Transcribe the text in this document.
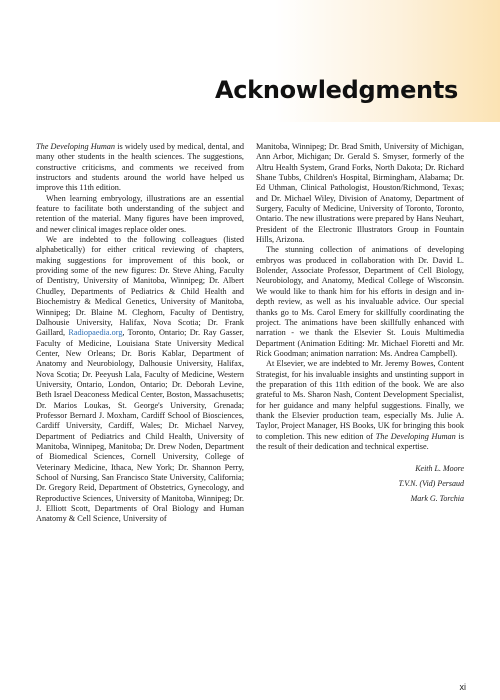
Acknowledgments

The Developing Human is widely used by medical, dental, and many other students in the health sciences. The suggestions, constructive criticisms, and comments we received from instructors and students around the world have helped us improve this 11th edition.

When learning embryology, illustrations are an essential feature to facilitate both understanding of the subject and retention of the material. Many figures have been improved, and newer clinical images replace older ones.

We are indebted to the following colleagues (listed alphabetically) for either critical reviewing of chapters, making suggestions for improvement of this book, or providing some of the new figures: Dr. Steve Ahing, Faculty of Dentistry, University of Manitoba, Winnipeg; Dr. Albert Chudley, Departments of Pediatrics & Child Health and Biochemistry & Medical Genetics, University of Manitoba, Winnipeg; Dr. Blaine M. Cleghorn, Faculty of Dentistry, Dalhousie University, Halifax, Nova Scotia; Dr. Frank Gaillard, Radiopaedia.org, Toronto, Ontario; Dr. Ray Gasser, Faculty of Medicine, Louisiana State University Medical Center, New Orleans; Dr. Boris Kablar, Department of Anatomy and Neurobiology, Dalhousie University, Halifax, Nova Scotia; Dr. Peeyush Lala, Faculty of Medicine, Western University, Ontario, London, Ontario; Dr. Deborah Levine, Beth Israel Deaconess Medical Center, Boston, Massachusetts; Dr. Marios Loukas, St. George's University, Grenada; Professor Bernard J. Moxham, Cardiff School of Biosciences, Cardiff University, Cardiff, Wales; Dr. Michael Narvey, Department of Pediatrics and Child Health, University of Manitoba, Winnipeg, Manitoba; Dr. Drew Noden, Department of Biomedical Sciences, Cornell University, College of Veterinary Medicine, Ithaca, New York; Dr. Shannon Perry, School of Nursing, San Francisco State University, California; Dr. Gregory Reid, Department of Obstetrics, Gynecology, and Reproductive Sciences, University of Manitoba, Winnipeg; Dr. J. Elliott Scott, Departments of Oral Biology and Human Anatomy & Cell Science, University of

Manitoba, Winnipeg; Dr. Brad Smith, University of Michigan, Ann Arbor, Michigan; Dr. Gerald S. Smyser, formerly of the Altru Health System, Grand Forks, North Dakota; Dr. Richard Shane Tubbs, Children's Hospital, Birmingham, Alabama; Dr. Ed Uthman, Clinical Pathologist, Houston/Richmond, Texas; and Dr. Michael Wiley, Division of Anatomy, Department of Surgery, Faculty of Medicine, University of Toronto, Toronto, Ontario. The new illustrations were prepared by Hans Neuhart, President of the Electronic Illustrators Group in Fountain Hills, Arizona.

The stunning collection of animations of developing embryos was produced in collaboration with Dr. David L. Bolender, Associate Professor, Department of Cell Biology, Neurobiology, and Anatomy, Medical College of Wisconsin. We would like to thank him for his efforts in design and in-depth review, as well as his invaluable advice. Our special thanks go to Ms. Carol Emery for skillfully coordinating the project. The animations have been skillfully enhanced with narration - we thank the Elsevier St. Louis Multimedia Department (Animation Editing: Mr. Michael Fioretti and Mr. Rick Goodman; animation narration: Ms. Andrea Campbell).

At Elsevier, we are indebted to Mr. Jeremy Bowes, Content Strategist, for his invaluable insights and unstinting support in the preparation of this 11th edition of the book. We are also grateful to Ms. Sharon Nash, Content Development Specialist, for her guidance and many helpful suggestions. Finally, we thank the Elsevier production team, especially Ms. Julie A. Taylor, Project Manager, HS Books, UK for bringing this book to completion. This new edition of The Developing Human is the result of their dedication and technical expertise.

Keith L. Moore
T.V.N. (Vid) Persaud
Mark G. Torchia
xi
